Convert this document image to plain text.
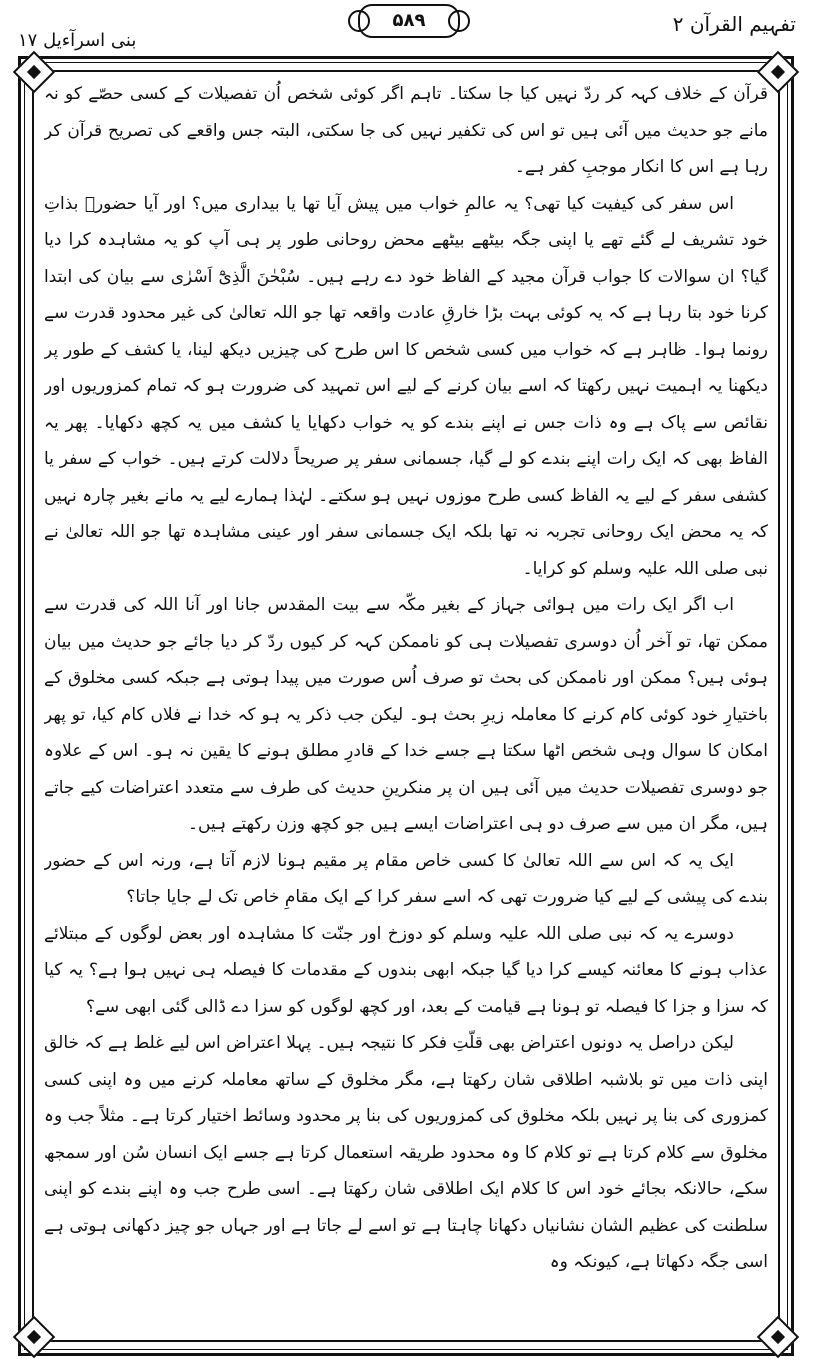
تفہیم القرآن ۲
۵۸۹
بنی اسرآءیل ۱۷

قرآن کے خلاف کہہ کر ردّ نہیں کیا جا سکتا۔ تاہم اگر کوئی شخص اُن تفصیلات کے کسی حصّے کو نہ مانے جو حدیث میں آئی ہیں تو اس کی تکفیر نہیں کی جا سکتی، البتہ جس واقعے کی تصریح قرآن کر رہا ہے اس کا انکار موجبِ کفر ہے۔

اس سفر کی کیفیت کیا تھی؟ یہ عالمِ خواب میں پیش آیا تھا یا بیداری میں؟ اور آیا حضورؐ بذاتِ خود تشریف لے گئے تھے یا اپنی جگہ بیٹھے بیٹھے محض روحانی طور پر ہی آپ کو یہ مشاہدہ کرا دیا گیا؟ ان سوالات کا جواب قرآن مجید کے الفاظ خود دے رہے ہیں۔ سُبْحٰنَ الَّذِیْٓ اَسْرٰی سے بیان کی ابتدا کرنا خود بتا رہا ہے کہ یہ کوئی بہت بڑا خارقِ عادت واقعہ تھا جو اللہ تعالیٰ کی غیر محدود قدرت سے رونما ہوا۔ ظاہر ہے کہ خواب میں کسی شخص کا اس طرح کی چیزیں دیکھ لینا، یا کشف کے طور پر دیکھنا یہ اہمیت نہیں رکھتا کہ اسے بیان کرنے کے لیے اس تمہید کی ضرورت ہو کہ تمام کمزوریوں اور نقائص سے پاک ہے وہ ذات جس نے اپنے بندے کو یہ خواب دکھایا یا کشف میں یہ کچھ دکھایا۔ پھر یہ الفاظ بھی کہ ایک رات اپنے بندے کو لے گیا، جسمانی سفر پر صریحاً دلالت کرتے ہیں۔ خواب کے سفر یا کشفی سفر کے لیے یہ الفاظ کسی طرح موزوں نہیں ہو سکتے۔ لہٰذا ہمارے لیے یہ مانے بغیر چارہ نہیں کہ یہ محض ایک روحانی تجربہ نہ تھا بلکہ ایک جسمانی سفر اور عینی مشاہدہ تھا جو اللہ تعالیٰ نے نبی صلی اللہ علیہ وسلم کو کرایا۔

اب اگر ایک رات میں ہوائی جہاز کے بغیر مکّہ سے بیت المقدس جانا اور آنا اللہ کی قدرت سے ممکن تھا، تو آخر اُن دوسری تفصیلات ہی کو ناممکن کہہ کر کیوں ردّ کر دیا جائے جو حدیث میں بیان ہوئی ہیں؟ ممکن اور ناممکن کی بحث تو صرف اُس صورت میں پیدا ہوتی ہے جبکہ کسی مخلوق کے باختیارِ خود کوئی کام کرنے کا معاملہ زیرِ بحث ہو۔ لیکن جب ذکر یہ ہو کہ خدا نے فلاں کام کیا، تو پھر امکان کا سوال وہی شخص اٹھا سکتا ہے جسے خدا کے قادرِ مطلق ہونے کا یقین نہ ہو۔ اس کے علاوہ جو دوسری تفصیلات حدیث میں آئی ہیں ان پر منکرینِ حدیث کی طرف سے متعدد اعتراضات کیے جاتے ہیں، مگر ان میں سے صرف دو ہی اعتراضات ایسے ہیں جو کچھ وزن رکھتے ہیں۔

ایک یہ کہ اس سے اللہ تعالیٰ کا کسی خاص مقام پر مقیم ہونا لازم آتا ہے، ورنہ اس کے حضور بندے کی پیشی کے لیے کیا ضرورت تھی کہ اسے سفر کرا کے ایک مقامِ خاص تک لے جایا جاتا؟

دوسرے یہ کہ نبی صلی اللہ علیہ وسلم کو دوزخ اور جنّت کا مشاہدہ اور بعض لوگوں کے مبتلائے عذاب ہونے کا معائنہ کیسے کرا دیا گیا جبکہ ابھی بندوں کے مقدمات کا فیصلہ ہی نہیں ہوا ہے؟ یہ کیا کہ سزا و جزا کا فیصلہ تو ہونا ہے قیامت کے بعد، اور کچھ لوگوں کو سزا دے ڈالی گئی ابھی سے؟

لیکن دراصل یہ دونوں اعتراض بھی قلّتِ فکر کا نتیجہ ہیں۔ پہلا اعتراض اس لیے غلط ہے کہ خالق اپنی ذات میں تو بلاشبہ اطلاقی شان رکھتا ہے، مگر مخلوق کے ساتھ معاملہ کرنے میں وہ اپنی کسی کمزوری کی بنا پر نہیں بلکہ مخلوق کی کمزوریوں کی بنا پر محدود وسائط اختیار کرتا ہے۔ مثلاً جب وہ مخلوق سے کلام کرتا ہے تو کلام کا وہ محدود طریقہ استعمال کرتا ہے جسے ایک انسان سُن اور سمجھ سکے، حالانکہ بجائے خود اس کا کلام ایک اطلاقی شان رکھتا ہے۔ اسی طرح جب وہ اپنے بندے کو اپنی سلطنت کی عظیم الشان نشانیاں دکھانا چاہتا ہے تو اسے لے جاتا ہے اور جہاں جو چیز دکھانی ہوتی ہے اسی جگہ دکھاتا ہے، کیونکہ وہ
